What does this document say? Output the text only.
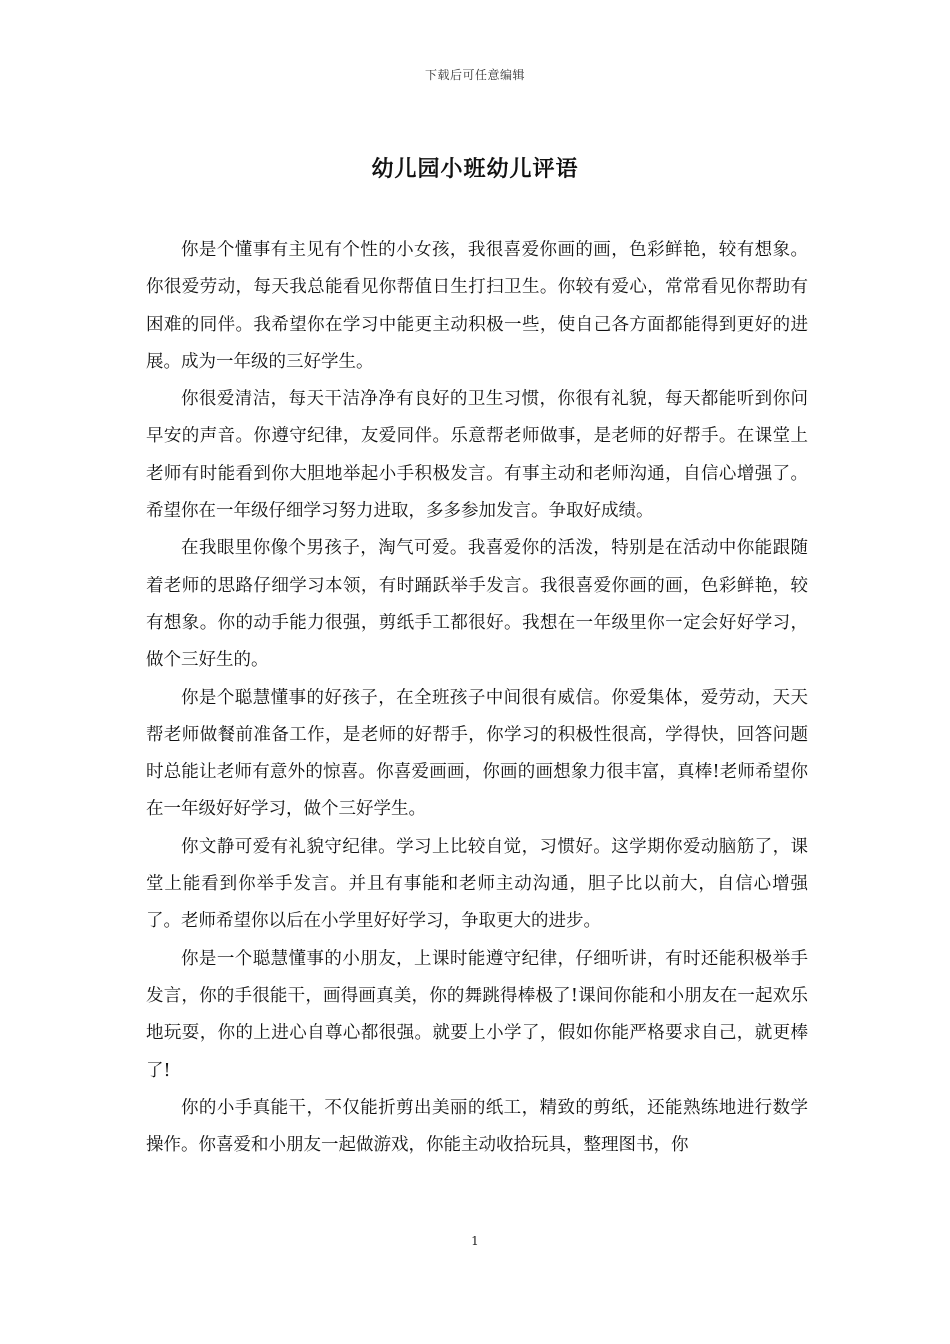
下载后可任意编辑
幼儿园小班幼儿评语

你是个懂事有主见有个性的小女孩，我很喜爱你画的画，色彩鲜艳，较有想象。你很爱劳动，每天我总能看见你帮值日生打扫卫生。你较有爱心，常常看见你帮助有困难的同伴。我希望你在学习中能更主动积极一些，使自己各方面都能得到更好的进展。成为一年级的三好学生。

你很爱清洁，每天干洁净净有良好的卫生习惯，你很有礼貌，每天都能听到你问早安的声音。你遵守纪律，友爱同伴。乐意帮老师做事，是老师的好帮手。在课堂上老师有时能看到你大胆地举起小手积极发言。有事主动和老师沟通，自信心增强了。希望你在一年级仔细学习努力进取，多多参加发言。争取好成绩。

在我眼里你像个男孩子，淘气可爱。我喜爱你的活泼，特别是在活动中你能跟随着老师的思路仔细学习本领，有时踊跃举手发言。我很喜爱你画的画，色彩鲜艳，较有想象。你的动手能力很强，剪纸手工都很好。我想在一年级里你一定会好好学习，做个三好生的。

你是个聪慧懂事的好孩子，在全班孩子中间很有威信。你爱集体，爱劳动，天天帮老师做餐前准备工作，是老师的好帮手，你学习的积极性很高，学得快，回答问题时总能让老师有意外的惊喜。你喜爱画画，你画的画想象力很丰富，真棒!老师希望你在一年级好好学习，做个三好学生。

你文静可爱有礼貌守纪律。学习上比较自觉，习惯好。这学期你爱动脑筋了，课堂上能看到你举手发言。并且有事能和老师主动沟通，胆子比以前大，自信心增强了。老师希望你以后在小学里好好学习，争取更大的进步。

你是一个聪慧懂事的小朋友，上课时能遵守纪律，仔细听讲，有时还能积极举手发言，你的手很能干，画得画真美，你的舞跳得棒极了!课间你能和小朋友在一起欢乐地玩耍，你的上进心自尊心都很强。就要上小学了，假如你能严格要求自己，就更棒了!

你的小手真能干，不仅能折剪出美丽的纸工，精致的剪纸，还能熟练地进行数学操作。你喜爱和小朋友一起做游戏，你能主动收拾玩具，整理图书，你

1
